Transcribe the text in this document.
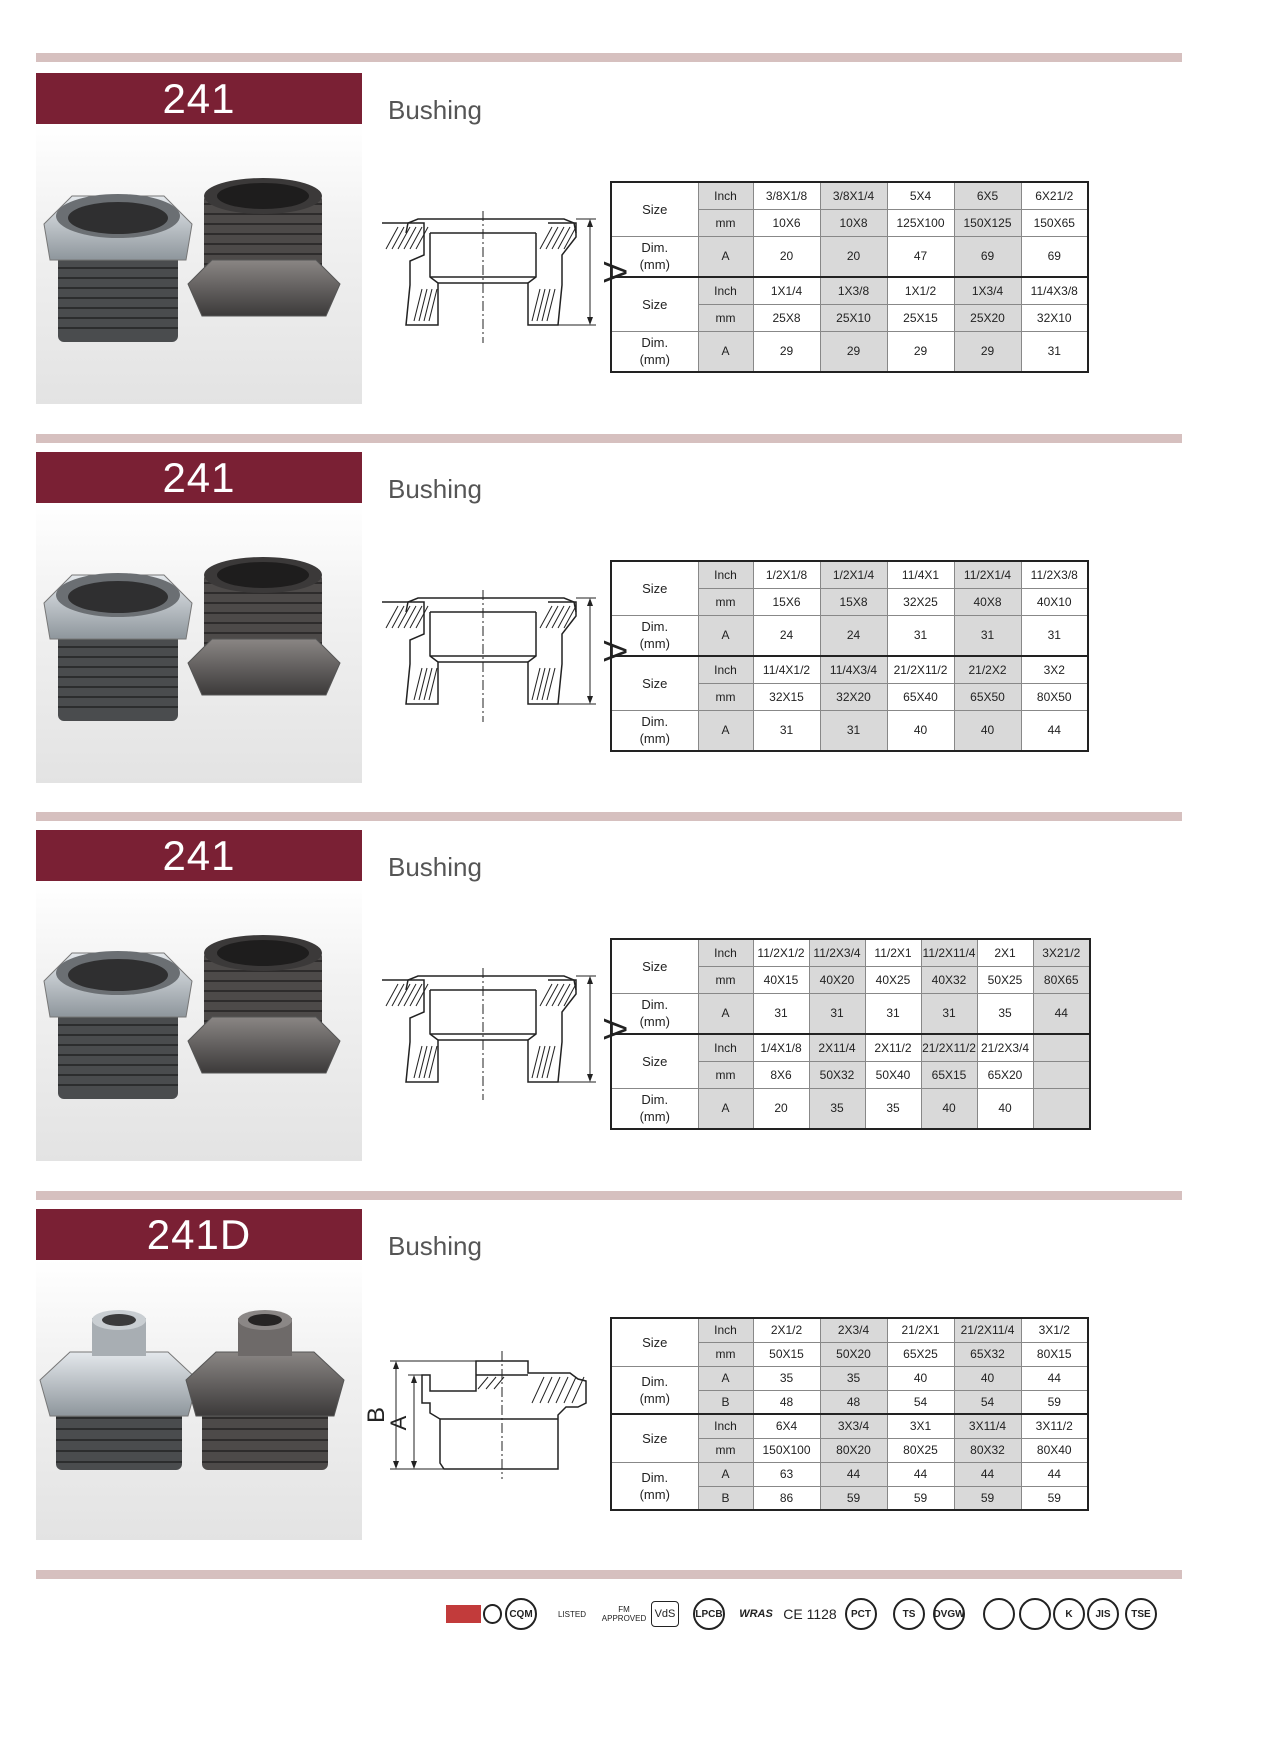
241	Bushing
A
Size	Inch	3/8X1/8	3/8X1/4	5X4	6X5	6X21/2
	mm	10X6	10X8	125X100	150X125	150X65
Dim.
(mm)	A	20	20	47	69	69
Size	Inch	1X1/4	1X3/8	1X1/2	1X3/4	11/4X3/8
	mm	25X8	25X10	25X15	25X20	32X10
Dim.
(mm)	A	29	29	29	29	31
241	Bushing
A
Size	Inch	1/2X1/8	1/2X1/4	11/4X1	11/2X1/4	11/2X3/8
	mm	15X6	15X8	32X25	40X8	40X10
Dim.
(mm)	A	24	24	31	31	31
Size	Inch	11/4X1/2	11/4X3/4	21/2X11/2	21/2X2	3X2
	mm	32X15	32X20	65X40	65X50	80X50
Dim.
(mm)	A	31	31	40	40	44
241	Bushing
A
Size	Inch	11/2X1/2	11/2X3/4	11/2X1	11/2X11/4	2X1	3X21/2
	mm	40X15	40X20	40X25	40X32	50X25	80X65
Dim.
(mm)	A	31	31	31	31	35	44
Size	Inch	1/4X1/8	2X11/4	2X11/2	21/2X11/2	21/2X3/4	
	mm	8X6	50X32	50X40	65X15	65X20	
Dim.
(mm)	A	20	35	35	40	40	
241D	Bushing
B
A
Size	Inch	2X1/2	2X3/4	21/2X1	21/2X11/4	3X1/2
	mm	50X15	50X20	65X25	65X32	80X15
Dim.
(mm)	A	35	35	40	40	44
	B	48	48	54	54	59
Size	Inch	6X4	3X3/4	3X1	3X11/4	3X11/2
	mm	150X100	80X20	80X25	80X32	80X40
Dim.
(mm)	A	63	44	44	44	44
	B	86	59	59	59	59
CQM	LISTED	FM APPROVED VdS	LPCB	WRAS CE 1128	PCT	TS	DVGW	K	JIS	TSE
